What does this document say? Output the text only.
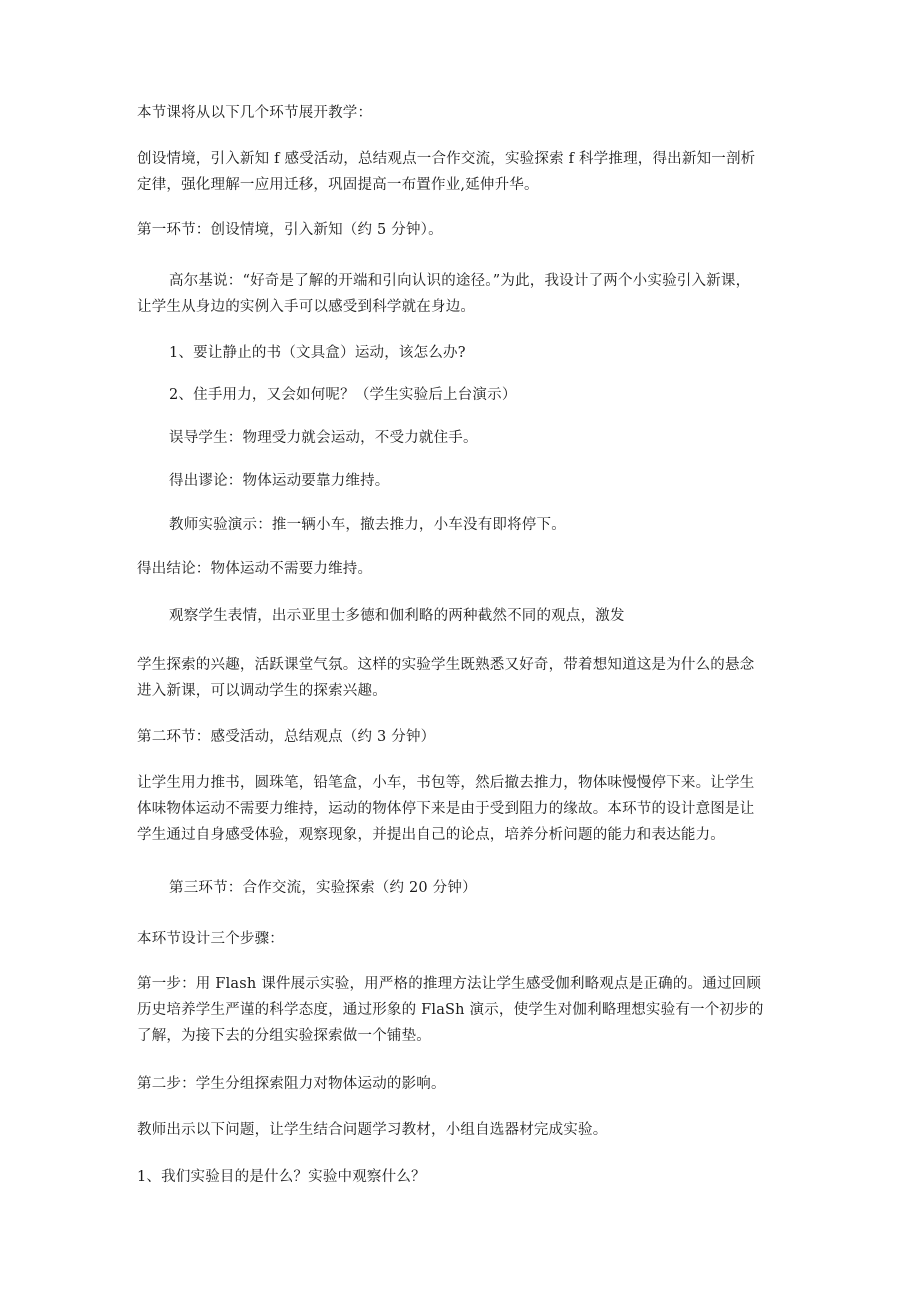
本节课将从以下几个环节展开教学：
创设情境，引入新知 f 感受活动，总结观点一合作交流，实验探索 f 科学推理，得出新知一剖析
定律，强化理解一应用迁移，巩固提高一布置作业,延伸升华。
第一环节：创设情境，引入新知（约 5 分钟）。
高尔基说：“好奇是了解的开端和引向认识的途径。”为此，我设计了两个小实验引入新课，
让学生从身边的实例入手可以感受到科学就在身边。
1、要让静止的书（文具盒）运动，该怎么办?
2、住手用力，又会如何呢？（学生实验后上台演示）
误导学生：物理受力就会运动，不受力就住手。
得出谬论：物体运动要靠力维持。
教师实验演示：推一辆小车，撤去推力，小车没有即将停下。
得出结论：物体运动不需要力维持。
观察学生表情，出示亚里士多德和伽利略的两种截然不同的观点，激发
学生探索的兴趣，活跃课堂气氛。这样的实验学生既熟悉又好奇，带着想知道这是为什么的悬念
进入新课，可以调动学生的探索兴趣。
第二环节：感受活动，总结观点（约 3 分钟）
让学生用力推书，圆珠笔，铅笔盒，小车，书包等，然后撤去推力，物体味慢慢停下来。让学生
体味物体运动不需要力维持，运动的物体停下来是由于受到阻力的缘故。本环节的设计意图是让
学生通过自身感受体验，观察现象，并提出自己的论点，培养分析问题的能力和表达能力。
第三环节：合作交流，实验探索（约 20 分钟）
本环节设计三个步骤：
第一步：用 Flash 课件展示实验，用严格的推理方法让学生感受伽利略观点是正确的。通过回顾
历史培养学生严谨的科学态度，通过形象的 FlaSh 演示，使学生对伽利略理想实验有一个初步的
了解，为接下去的分组实验探索做一个铺垫。
第二步：学生分组探索阻力对物体运动的影响。
教师出示以下问题，让学生结合问题学习教材，小组自选器材完成实验。
1、我们实验目的是什么？实验中观察什么？
